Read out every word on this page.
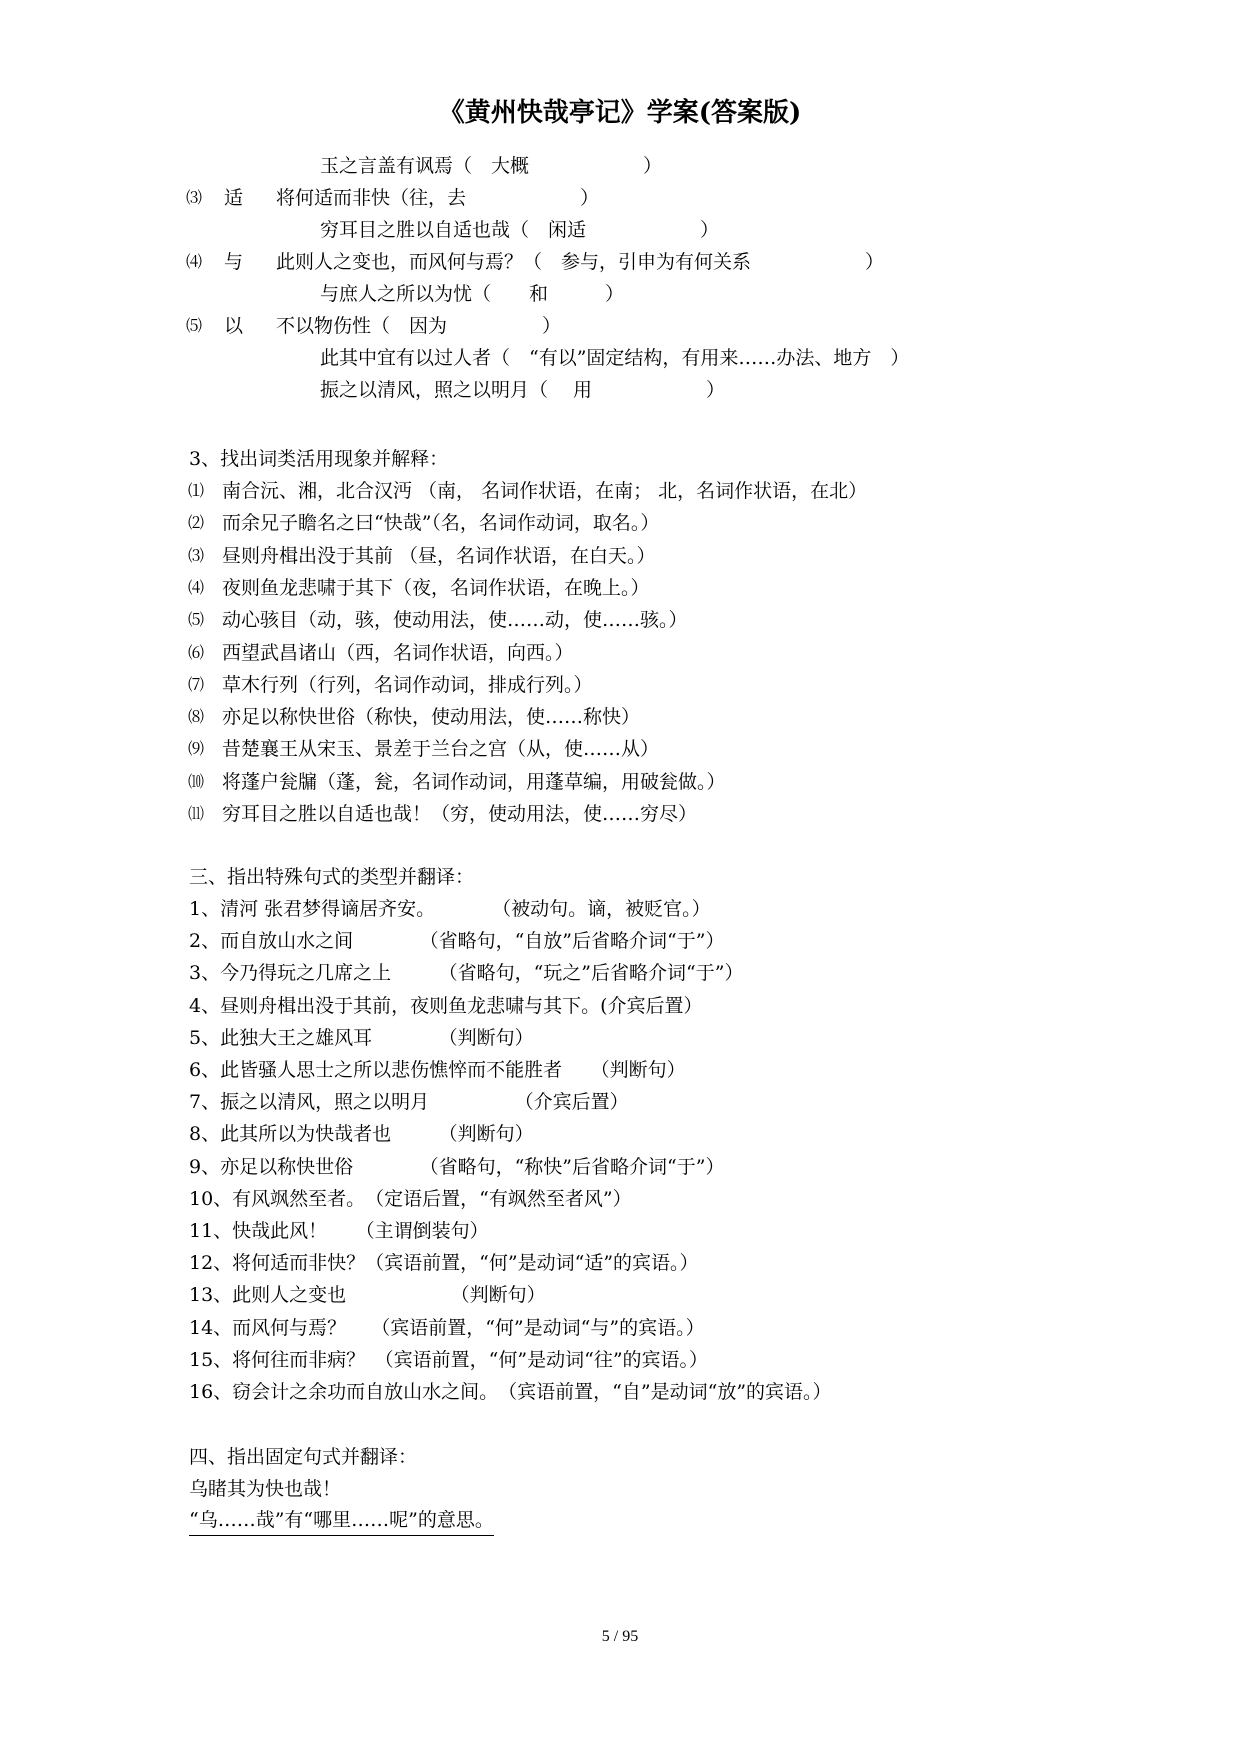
《黄州快哉亭记》学案(答案版)
玉之言盖有讽焉（　大概　　　　　　）
⑶ 适 将何适而非快（往，去　　　　　　）
穷耳目之胜以自适也哉（　闲适　　　　　　）
⑷ 与 此则人之变也，而风何与焉？（　参与，引申为有何关系　　　　　　）
与庶人之所以为忧（　　和　　　）
⑸ 以 不以物伤性（　因为　　　　　）
此其中宜有以过人者（　“有以”固定结构，有用来……办法、地方　）
振之以清风，照之以明月（　 用　　　　　　）
3、找出词类活用现象并解释：
⑴ 南合沅、湘，北合汉沔 （南， 名词作状语，在南； 北，名词作状语，在北）
⑵ 而余兄子瞻名之曰“快哉”（名，名词作动词，取名。）
⑶ 昼则舟楫出没于其前 （昼，名词作状语，在白天。）
⑷ 夜则鱼龙悲啸于其下（夜，名词作状语，在晚上。）
⑸ 动心骇目（动，骇，使动用法，使……动，使……骇。）
⑹ 西望武昌诸山（西，名词作状语，向西。）
⑺ 草木行列（行列，名词作动词，排成行列。）
⑻ 亦足以称快世俗（称快，使动用法，使……称快）
⑼ 昔楚襄王从宋玉、景差于兰台之宫（从，使……从）
⑽ 将蓬户瓮牖（蓬，瓮，名词作动词，用蓬草编，用破瓮做。）
⑾ 穷耳目之胜以自适也哉！（穷，使动用法，使……穷尽）
三、指出特殊句式的类型并翻译：
1、清河 张君梦得谪居齐安。　　　　（被动句。谪，被贬官。）
2、而自放山水之间　　　　（省略句，“自放”后省略介词“于”）
3、今乃得玩之几席之上　　　（省略句，“玩之”后省略介词“于”）
4、昼则舟楫出没于其前，夜则鱼龙悲啸与其下。(介宾后置）
5、此独大王之雄风耳　　　　（判断句）
6、此皆骚人思士之所以悲伤憔悴而不能胜者　　（判断句）
7、振之以清风，照之以明月　　　　　（介宾后置）
8、此其所以为快哉者也　　　（判断句）
9、亦足以称快世俗　　　　（省略句，“称快”后省略介词“于”）
10、有风飒然至者。　（定语后置，“有飒然至者风”）
11、快哉此风！　　（主谓倒装句）
12、将何适而非快？（宾语前置，“何”是动词“适”的宾语。）
13、此则人之变也　　　　　　（判断句）
14、而风何与焉？　 （宾语前置，“何”是动词“与”的宾语。）
15、将何往而非病？　（宾语前置，“何”是动词“往”的宾语。）
16、窃会计之余功而自放山水之间。　（宾语前置，“自”是动词“放”的宾语。）
四、指出固定句式并翻译：
乌睹其为快也哉！
“乌……哉”有“哪里……呢”的意思。
5 / 95
